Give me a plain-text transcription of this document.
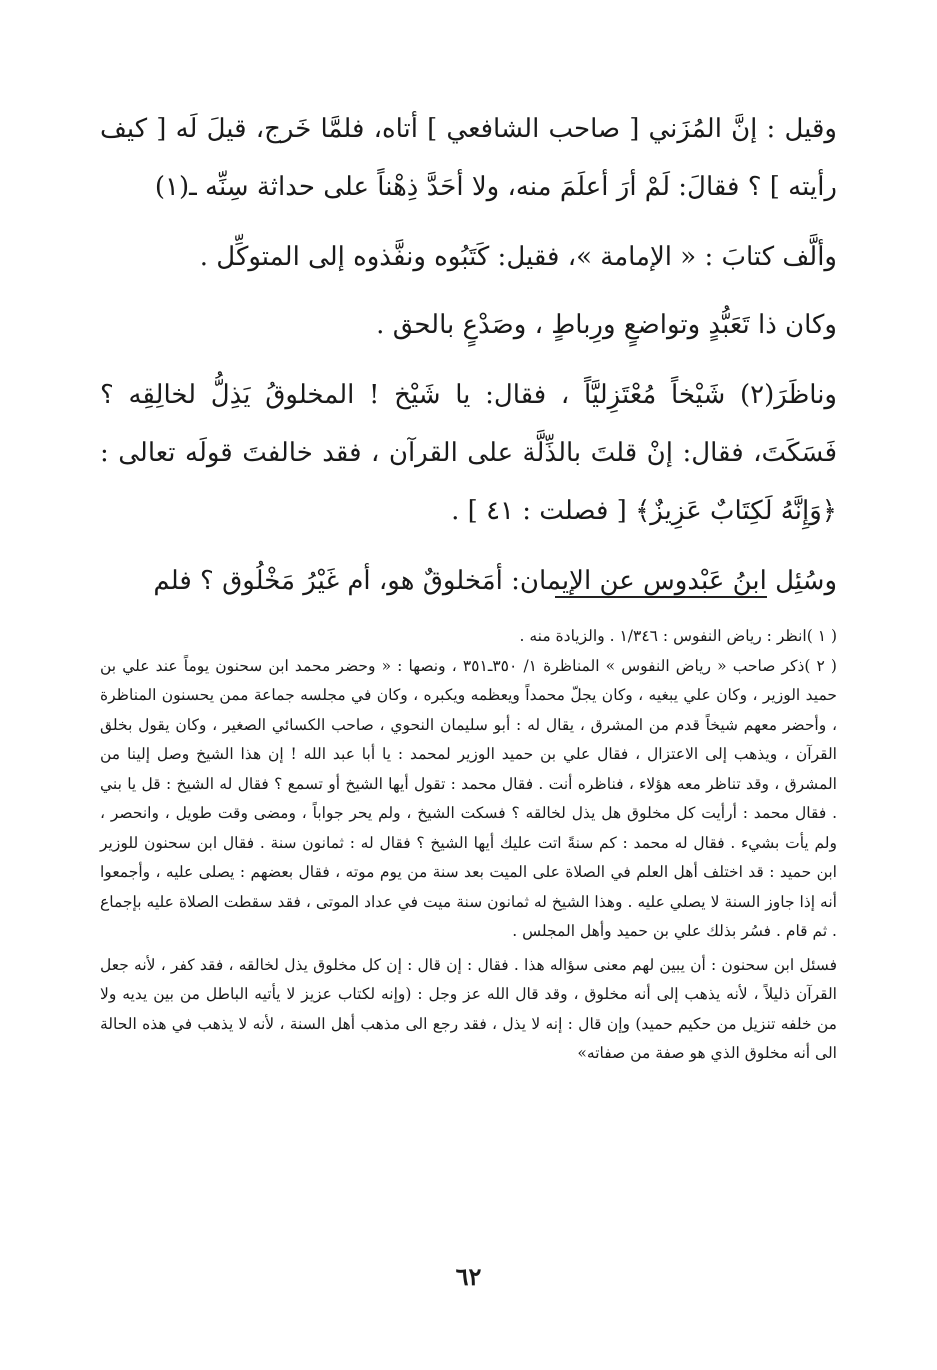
وقيل : إنَّ المُزَني [ صاحب الشافعي ] أتاه، فلمَّا خَرج، قيلَ لَه [ كيف رأيته ] ؟ فقالَ: لَمْ أرَ أعلَمَ منه، ولا أحَدَّ ذِهْناً على حداثة سِنِّه ـ(١)

وألَّف كتابَ : « الإمامة »، فقيل: كَتَبُوه ونفَّذوه إلى المتوكِّل .

وكان ذا تَعَبُّدٍ وتواضعٍ ورِباطٍ ، وصَدْعٍ بالحق .

وناظَرَ(٢) شَيْخاً مُعْتَزِليَّاً ، فقال: يا شَيْخ ! المخلوقُ يَذِلُّ لخالِقِه ؟ فَسَكَتَ، فقال: إنْ قلتَ بالذِّلَّة على القرآن ، فقد خالفتَ قولَه تعالى : ﴿وَإِنَّهُ لَكِتَابٌ عَزِيزٌ﴾ [ فصلت : ٤١ ] .

وسُئِل ابنُ عَبْدوس عن الإيمان: أمَخلوقٌ هو، أم غَيْرُ مَخْلُوق ؟ فلم

( ١ )انظر : رياض النفوس : ١/٣٤٦ . والزيادة منه .

( ٢ )ذكر صاحب « رياض النفوس » المناظرة ١/ ٣٥٠ـ٣٥١ ، ونصها : « وحضر محمد ابن سحنون يوماً عند علي بن حميد الوزير ، وكان علي يبغيه ، وكان يجلّ محمداً ويعظمه ويكبره ، وكان في مجلسه جماعة ممن يحسنون المناظرة ، وأحضر معهم شيخاً قدم من المشرق ، يقال له : أبو سليمان النحوي ، صاحب الكسائي الصغير ، وكان يقول بخلق القرآن ، ويذهب إلى الاعتزال ، فقال علي بن حميد الوزير لمحمد : يا أبا عبد الله ! إن هذا الشيخ وصل إلينا من المشرق ، وقد تناظر معه هؤلاء ، فناظره أنت . فقال محمد : تقول أيها الشيخ أو تسمع ؟ فقال له الشيخ : قل يا بني . فقال محمد : أرأيت كل مخلوق هل يذل لخالقه ؟ فسكت الشيخ ، ولم يحر جواباً ، ومضى وقت طويل ، وانحصر ، ولم يأت بشيء . فقال له محمد : كم سنةً اتت عليك أيها الشيخ ؟ فقال له : ثمانون سنة . فقال ابن سحنون للوزير ابن حميد : قد اختلف أهل العلم في الصلاة على الميت بعد سنة من يوم موته ، فقال بعضهم : يصلى عليه ، وأجمعوا أنه إذا جاوز السنة لا يصلي عليه . وهذا الشيخ له ثمانون سنة ميت في عداد الموتى ، فقد سقطت الصلاة عليه بإجماع . ثم قام . فسُر بذلك علي بن حميد وأهل المجلس .

فسئل ابن سحنون : أن يبين لهم معنى سؤاله هذا . فقال : إن قال : إن كل مخلوق يذل لخالقه ، فقد كفر ، لأنه جعل القرآن ذليلاً ، لأنه يذهب إلى أنه مخلوق ، وقد قال الله عز وجل : (وإنه لكتاب عزيز لا يأتيه الباطل من بين يديه ولا من خلفه تنزيل من حكيم حميد) وإن قال : إنه لا يذل ، فقد رجع الى مذهب أهل السنة ، لأنه لا يذهب في هذه الحالة الى أنه مخلوق الذي هو صفة من صفاته»

٦٢
